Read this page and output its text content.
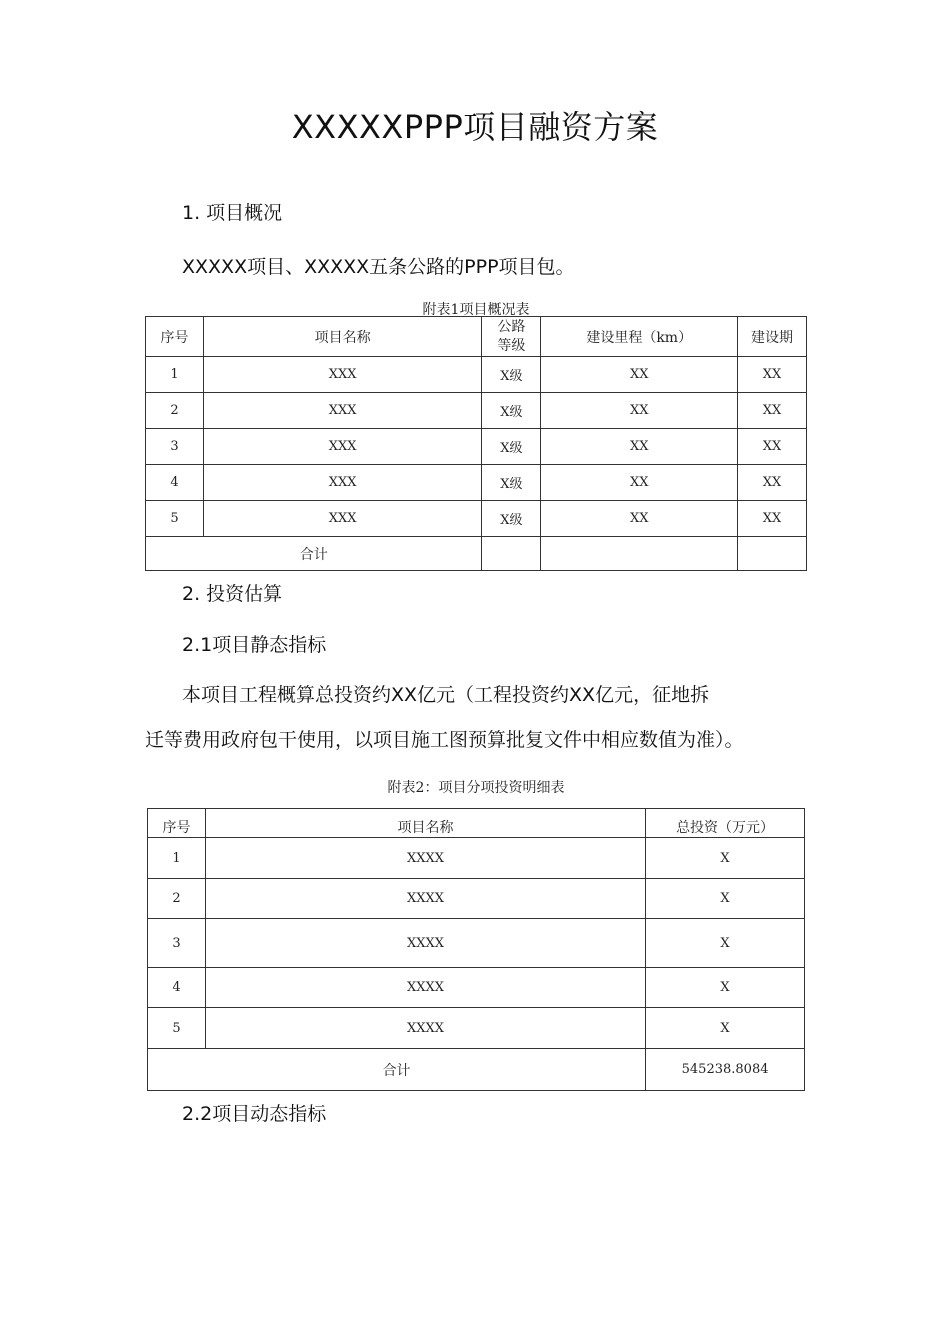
XXXXXPPP项目融资方案
1. 项目概况
XXXXX项目、XXXXX五条公路的PPP项目包。
附表1项目概况表
序号	项目名称	公路等级	建设里程（km）	建设期
1	XXX	X级	XX	XX
2	XXX	X级	XX	XX
3	XXX	X级	XX	XX
4	XXX	X级	XX	XX
5	XXX	X级	XX	XX
合计				
2. 投资估算
2.1项目静态指标
本项目工程概算总投资约XX亿元（工程投资约XX亿元，征地拆
迁等费用政府包干使用，以项目施工图预算批复文件中相应数值为准）。
附表2：项目分项投资明细表
序号	项目名称	总投资（万元）
1	XXXX	X
2	XXXX	X
3	XXXX	X
4	XXXX	X
5	XXXX	X
合计		545238.8084
2.2项目动态指标
